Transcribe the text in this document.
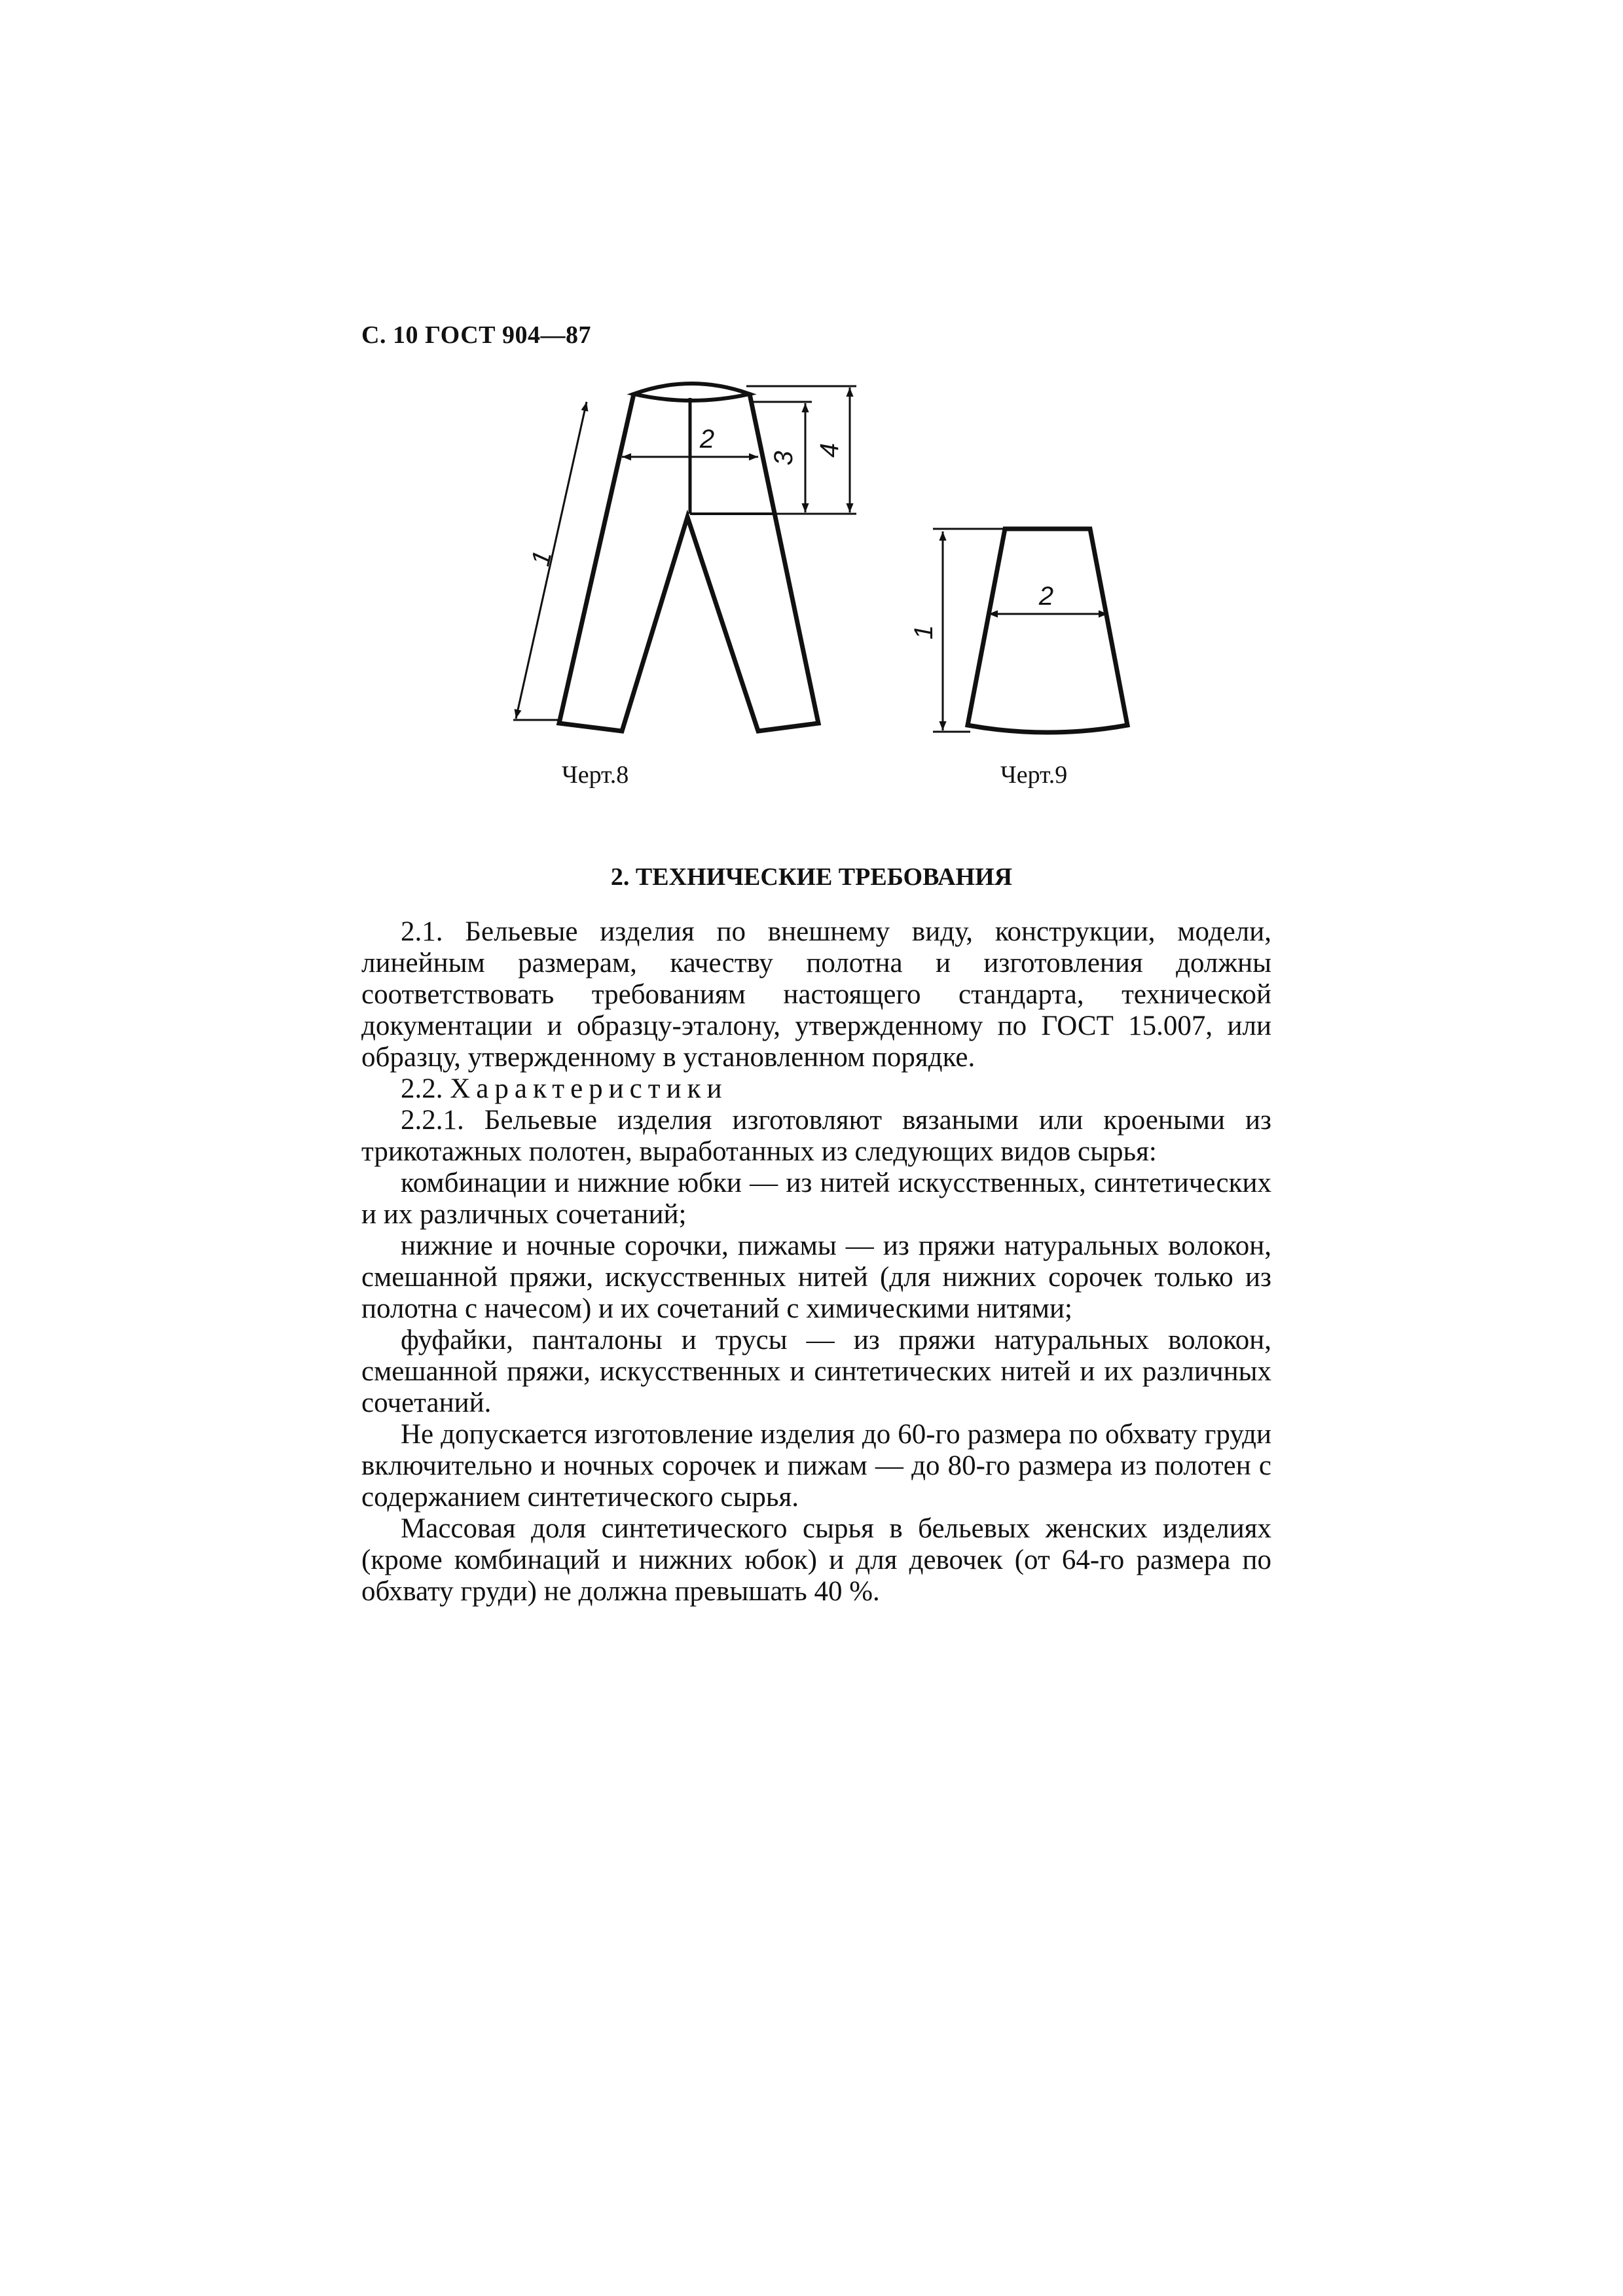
С. 10 ГОСТ 904—87
1
2
3
4
1
2
Черт.8	Черт.9
2. ТЕХНИЧЕСКИЕ ТРЕБОВАНИЯ

2.1. Бельевые изделия по внешнему виду, конструкции, модели, линейным размерам, качеству полотна и изготовления должны соответствовать требованиям настоящего стандарта, технической документации и образцу-эталону, утвержденному по ГОСТ 15.007, или образцу, утвержденному в установленном порядке.

2.2. Характеристики

2.2.1. Бельевые изделия изготовляют вязаными или кроеными из трикотажных полотен, выработанных из следующих видов сырья:

комбинации и нижние юбки — из нитей искусственных, синтетических и их различных сочетаний;

нижние и ночные сорочки, пижамы — из пряжи натуральных волокон, смешанной пряжи, искусственных нитей (для нижних сорочек только из полотна с начесом) и их сочетаний с химическими нитями;

фуфайки, панталоны и трусы — из пряжи натуральных волокон, смешанной пряжи, искусственных и синтетических нитей и их различных сочетаний.

Не допускается изготовление изделия до 60-го размера по обхвату груди включительно и ночных сорочек и пижам — до 80-го размера из полотен с содержанием синтетического сырья.

Массовая доля синтетического сырья в бельевых женских изделиях (кроме комбинаций и нижних юбок) и для девочек (от 64-го размера по обхвату груди) не должна превышать 40 %.
